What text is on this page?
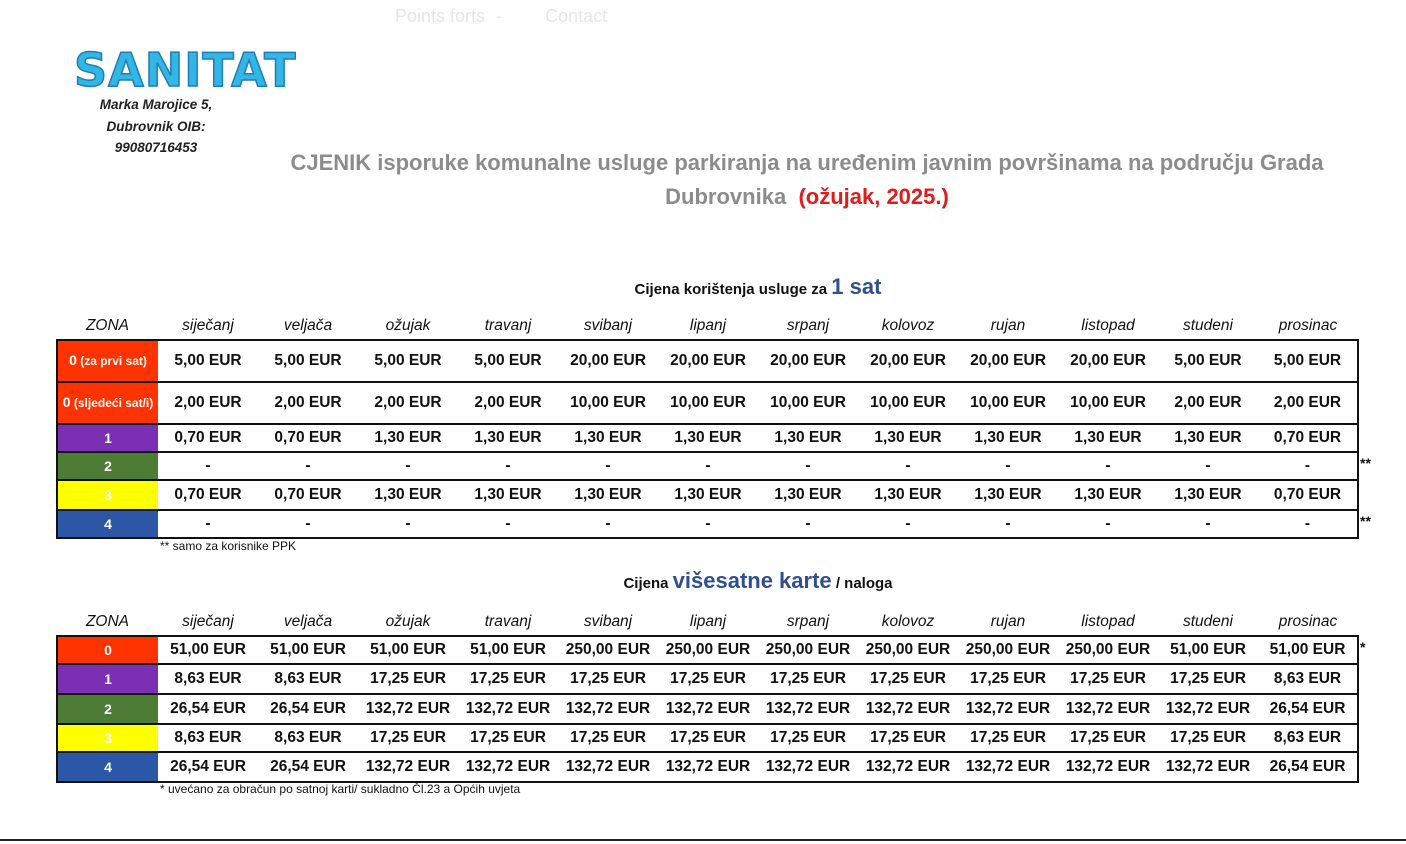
Points forts - Contact
SANITAT
Marka Marojice 5,
Dubrovnik OIB:
99080716453
CJENIK isporuke komunalne usluge parkiranja na uređenim javnim površinama na području Grada
Dubrovnika (ožujak, 2025.)
Cijena korištenja usluge za 1 sat
ZONA	siječanj	veljača	ožujak	travanj	svibanj	lipanj	srpanj	kolovoz	rujan	listopad	studeni	prosinac
0 (za prvi sat)	5,00 EUR	5,00 EUR	5,00 EUR	5,00 EUR	20,00 EUR	20,00 EUR	20,00 EUR	20,00 EUR	20,00 EUR	20,00 EUR	5,00 EUR	5,00 EUR
0 (sljedeći sat/i)	2,00 EUR	2,00 EUR	2,00 EUR	2,00 EUR	10,00 EUR	10,00 EUR	10,00 EUR	10,00 EUR	10,00 EUR	10,00 EUR	2,00 EUR	2,00 EUR
1	0,70 EUR	0,70 EUR	1,30 EUR	1,30 EUR	1,30 EUR	1,30 EUR	1,30 EUR	1,30 EUR	1,30 EUR	1,30 EUR	1,30 EUR	0,70 EUR
2	-	-	-	-	-	-	-	-	-	-	-	-
3	0,70 EUR	0,70 EUR	1,30 EUR	1,30 EUR	1,30 EUR	1,30 EUR	1,30 EUR	1,30 EUR	1,30 EUR	1,30 EUR	1,30 EUR	0,70 EUR
4	-	-	-	-	-	-	-	-	-	-	-	-
** samo za korisnike PPK
Cijena višesatne karte / naloga
ZONA	siječanj	veljača	ožujak	travanj	svibanj	lipanj	srpanj	kolovoz	rujan	listopad	studeni	prosinac
0	51,00 EUR	51,00 EUR	51,00 EUR	51,00 EUR	250,00 EUR	250,00 EUR	250,00 EUR	250,00 EUR	250,00 EUR	250,00 EUR	51,00 EUR	51,00 EUR
1	8,63 EUR	8,63 EUR	17,25 EUR	17,25 EUR	17,25 EUR	17,25 EUR	17,25 EUR	17,25 EUR	17,25 EUR	17,25 EUR	17,25 EUR	8,63 EUR
2	26,54 EUR	26,54 EUR	132,72 EUR	132,72 EUR	132,72 EUR	132,72 EUR	132,72 EUR	132,72 EUR	132,72 EUR	132,72 EUR	132,72 EUR	26,54 EUR
3	8,63 EUR	8,63 EUR	17,25 EUR	17,25 EUR	17,25 EUR	17,25 EUR	17,25 EUR	17,25 EUR	17,25 EUR	17,25 EUR	17,25 EUR	8,63 EUR
4	26,54 EUR	26,54 EUR	132,72 EUR	132,72 EUR	132,72 EUR	132,72 EUR	132,72 EUR	132,72 EUR	132,72 EUR	132,72 EUR	132,72 EUR	26,54 EUR
* uvećano za obračun po satnoj karti/ sukladno Čl.23 a Općih uvjeta
**
**
*
